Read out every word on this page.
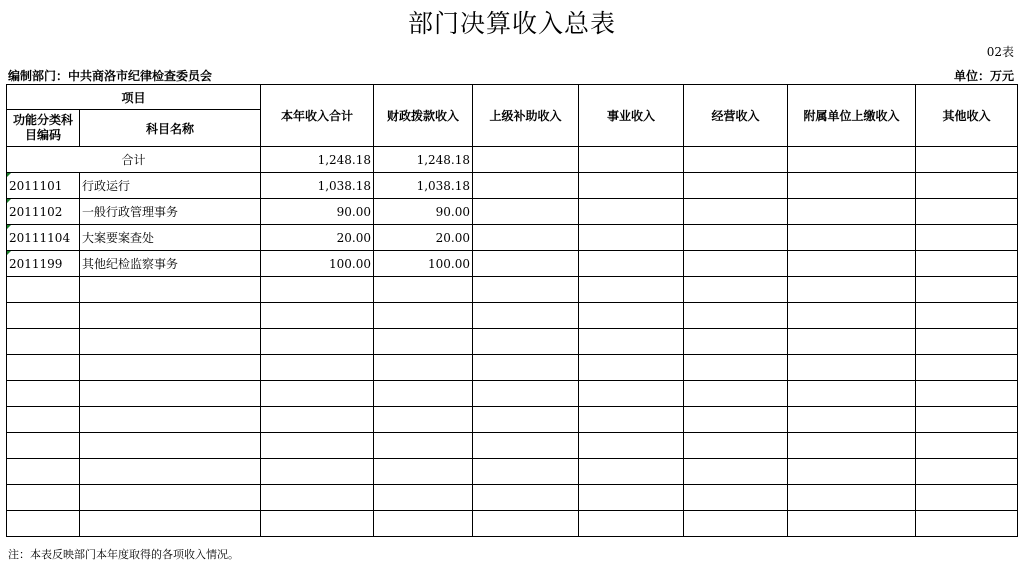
部门决算收入总表
02表
编制部门：中共商洛市纪律检查委员会	单位：万元
项目		本年收入合计	财政拨款收入	上级补助收入	事业收入	经营收入	附属单位上缴收入	其他收入
功能分类科目编码	科目名称							
合计		1,248.18	1,248.18					
2011101	行政运行	1,038.18	1,038.18					
2011102	一般行政管理事务	90.00	90.00					
20111104	大案要案查处	20.00	20.00					
2011199	其他纪检监察事务	100.00	100.00					

注：本表反映部门本年度取得的各项收入情况。
